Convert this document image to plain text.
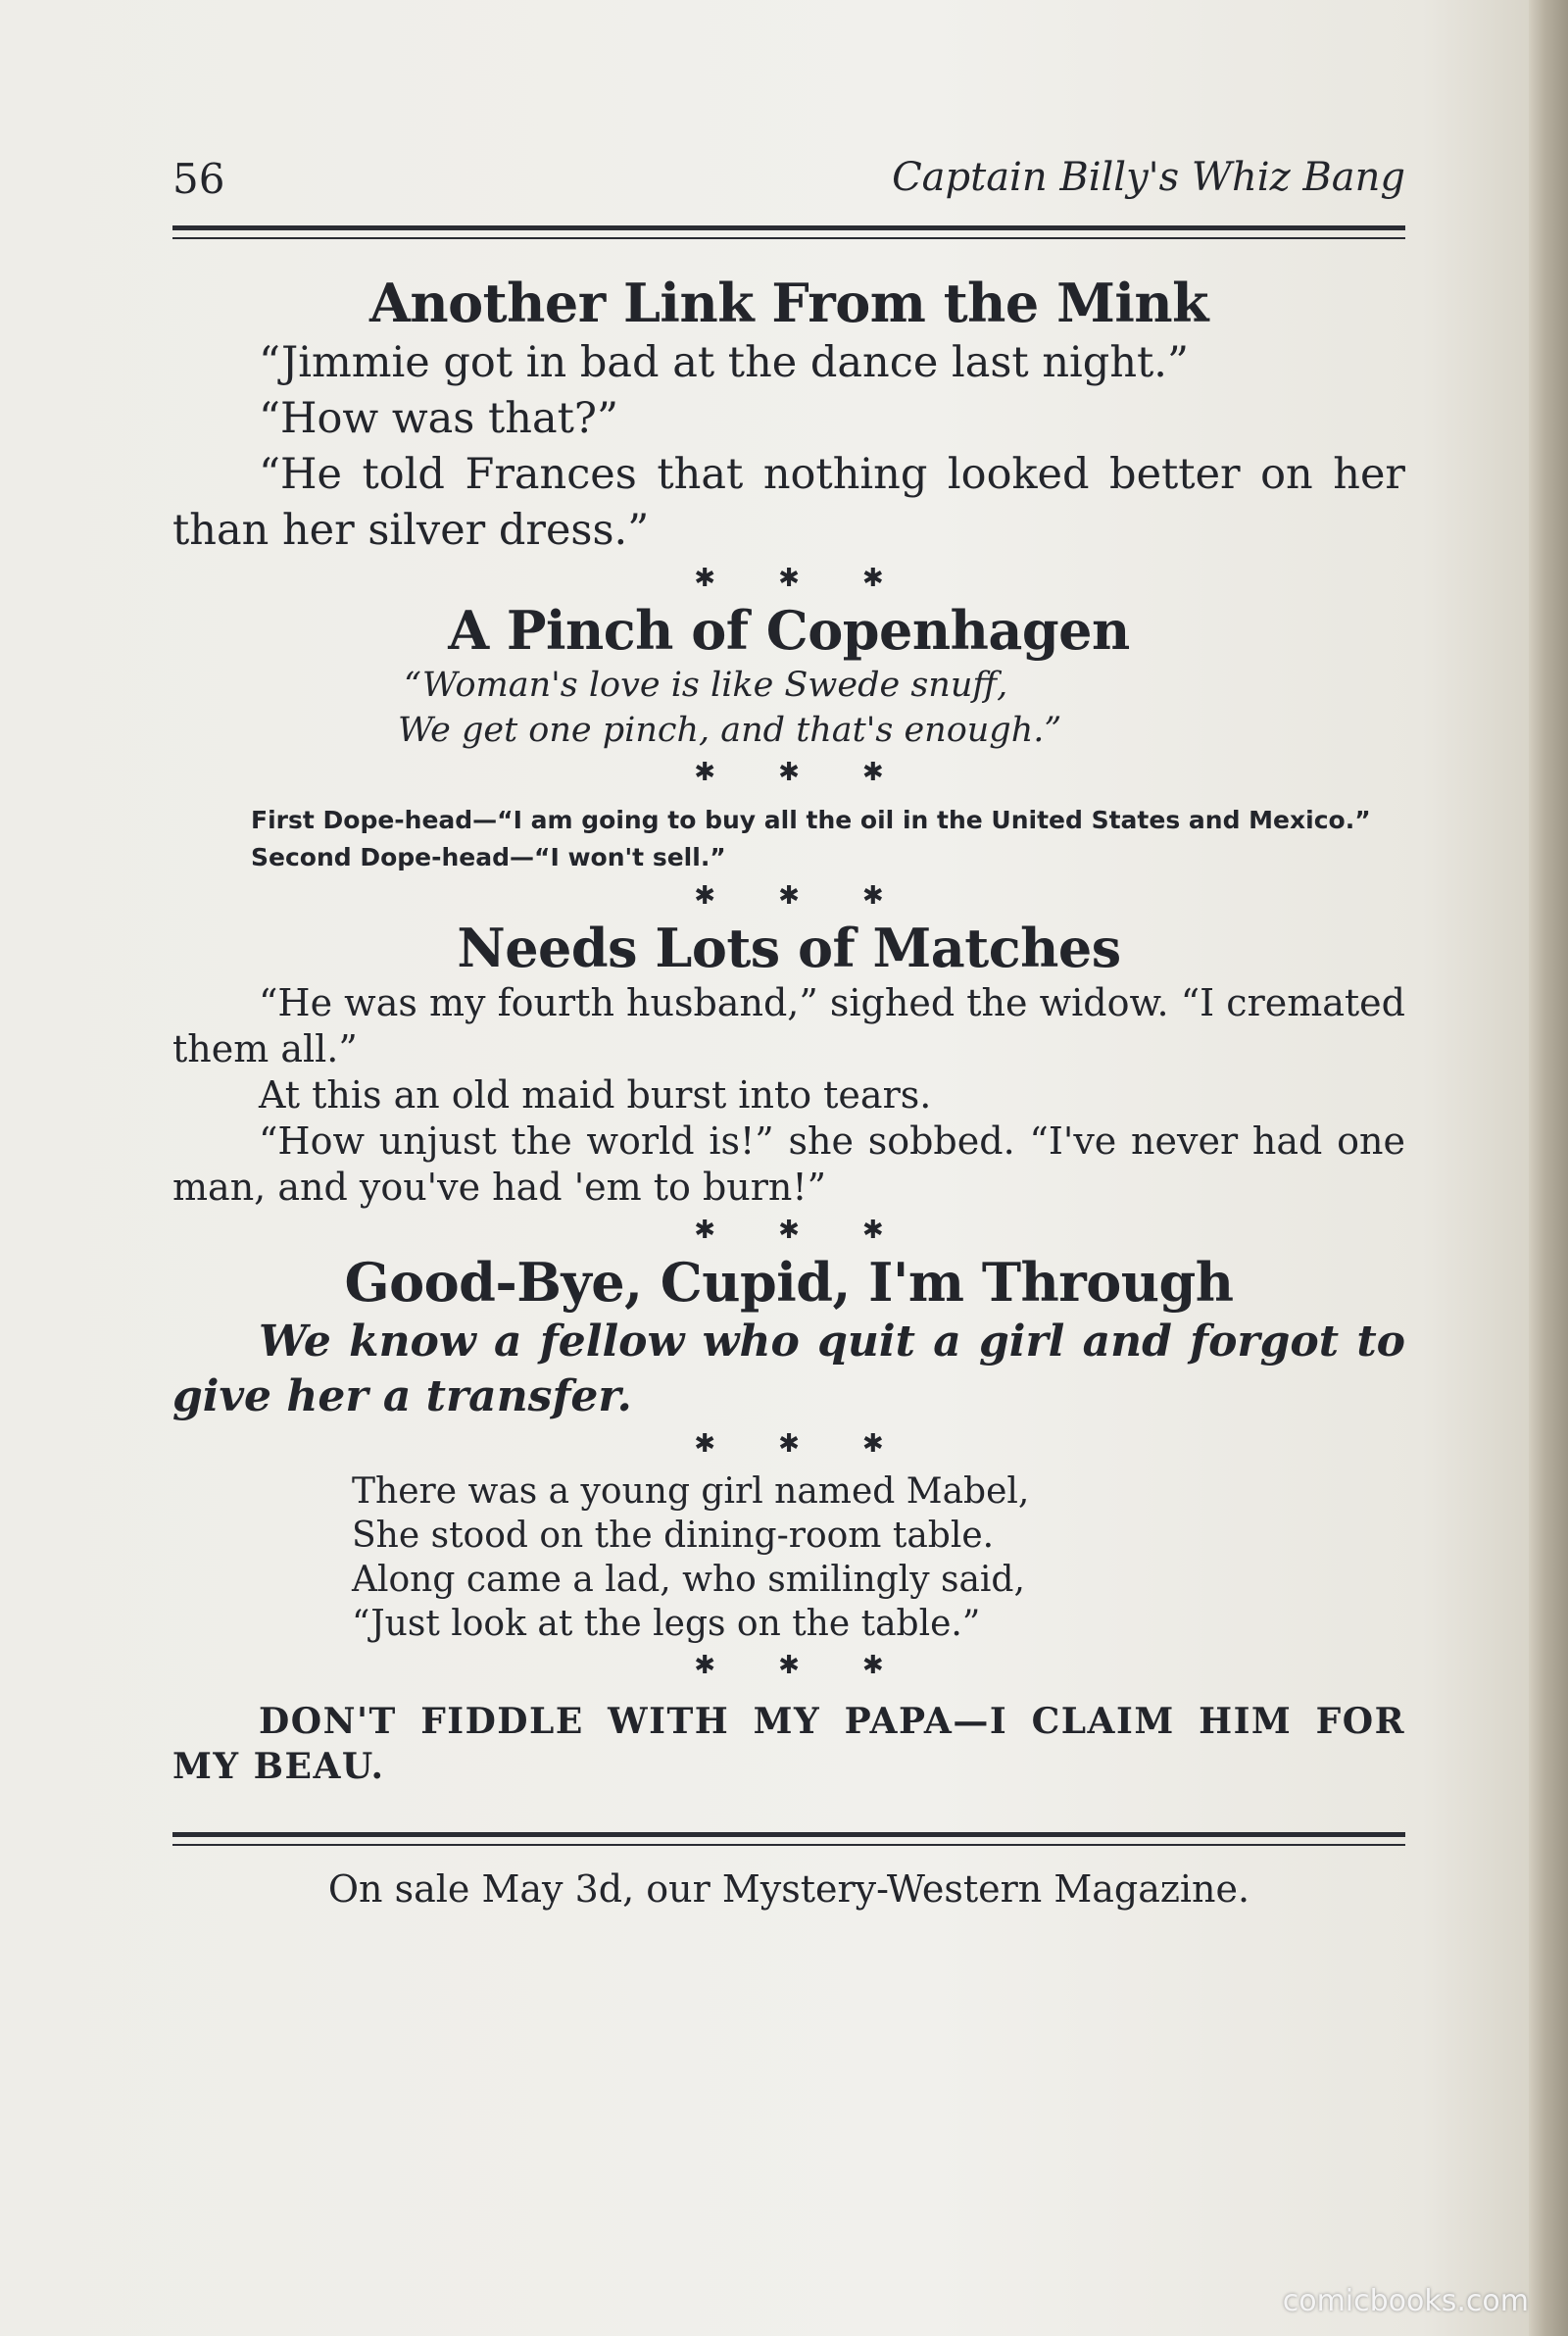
56	Captain Billy's Whiz Bang
Another Link From the Mink

“Jimmie got in bad at the dance last night.”

“How was that?”

“He told Frances that nothing looked better on her than her silver dress.”

✱ ✱ ✱
A Pinch of Copenhagen

“Woman's love is like Swede snuff,

We get one pinch, and that's enough.”

✱ ✱ ✱

First Dope-head—“I am going to buy all the oil in the United States and Mexico.”

Second Dope-head—“I won't sell.”

✱ ✱ ✱
Needs Lots of Matches

“He was my fourth husband,” sighed the widow. “I cremated them all.”

At this an old maid burst into tears.

“How unjust the world is!” she sobbed. “I've never had one man, and you've had 'em to burn!”

✱ ✱ ✱
Good-Bye, Cupid, I'm Through

We know a fellow who quit a girl and forgot to give her a transfer.

✱ ✱ ✱

There was a young girl named Mabel,

She stood on the dining-room table.

Along came a lad, who smilingly said,

“Just look at the legs on the table.”

✱ ✱ ✱

DON'T FIDDLE WITH MY PAPA—I CLAIM HIM FOR MY BEAU.

On sale May 3d, our Mystery-Western Magazine.
comicbooks.com
